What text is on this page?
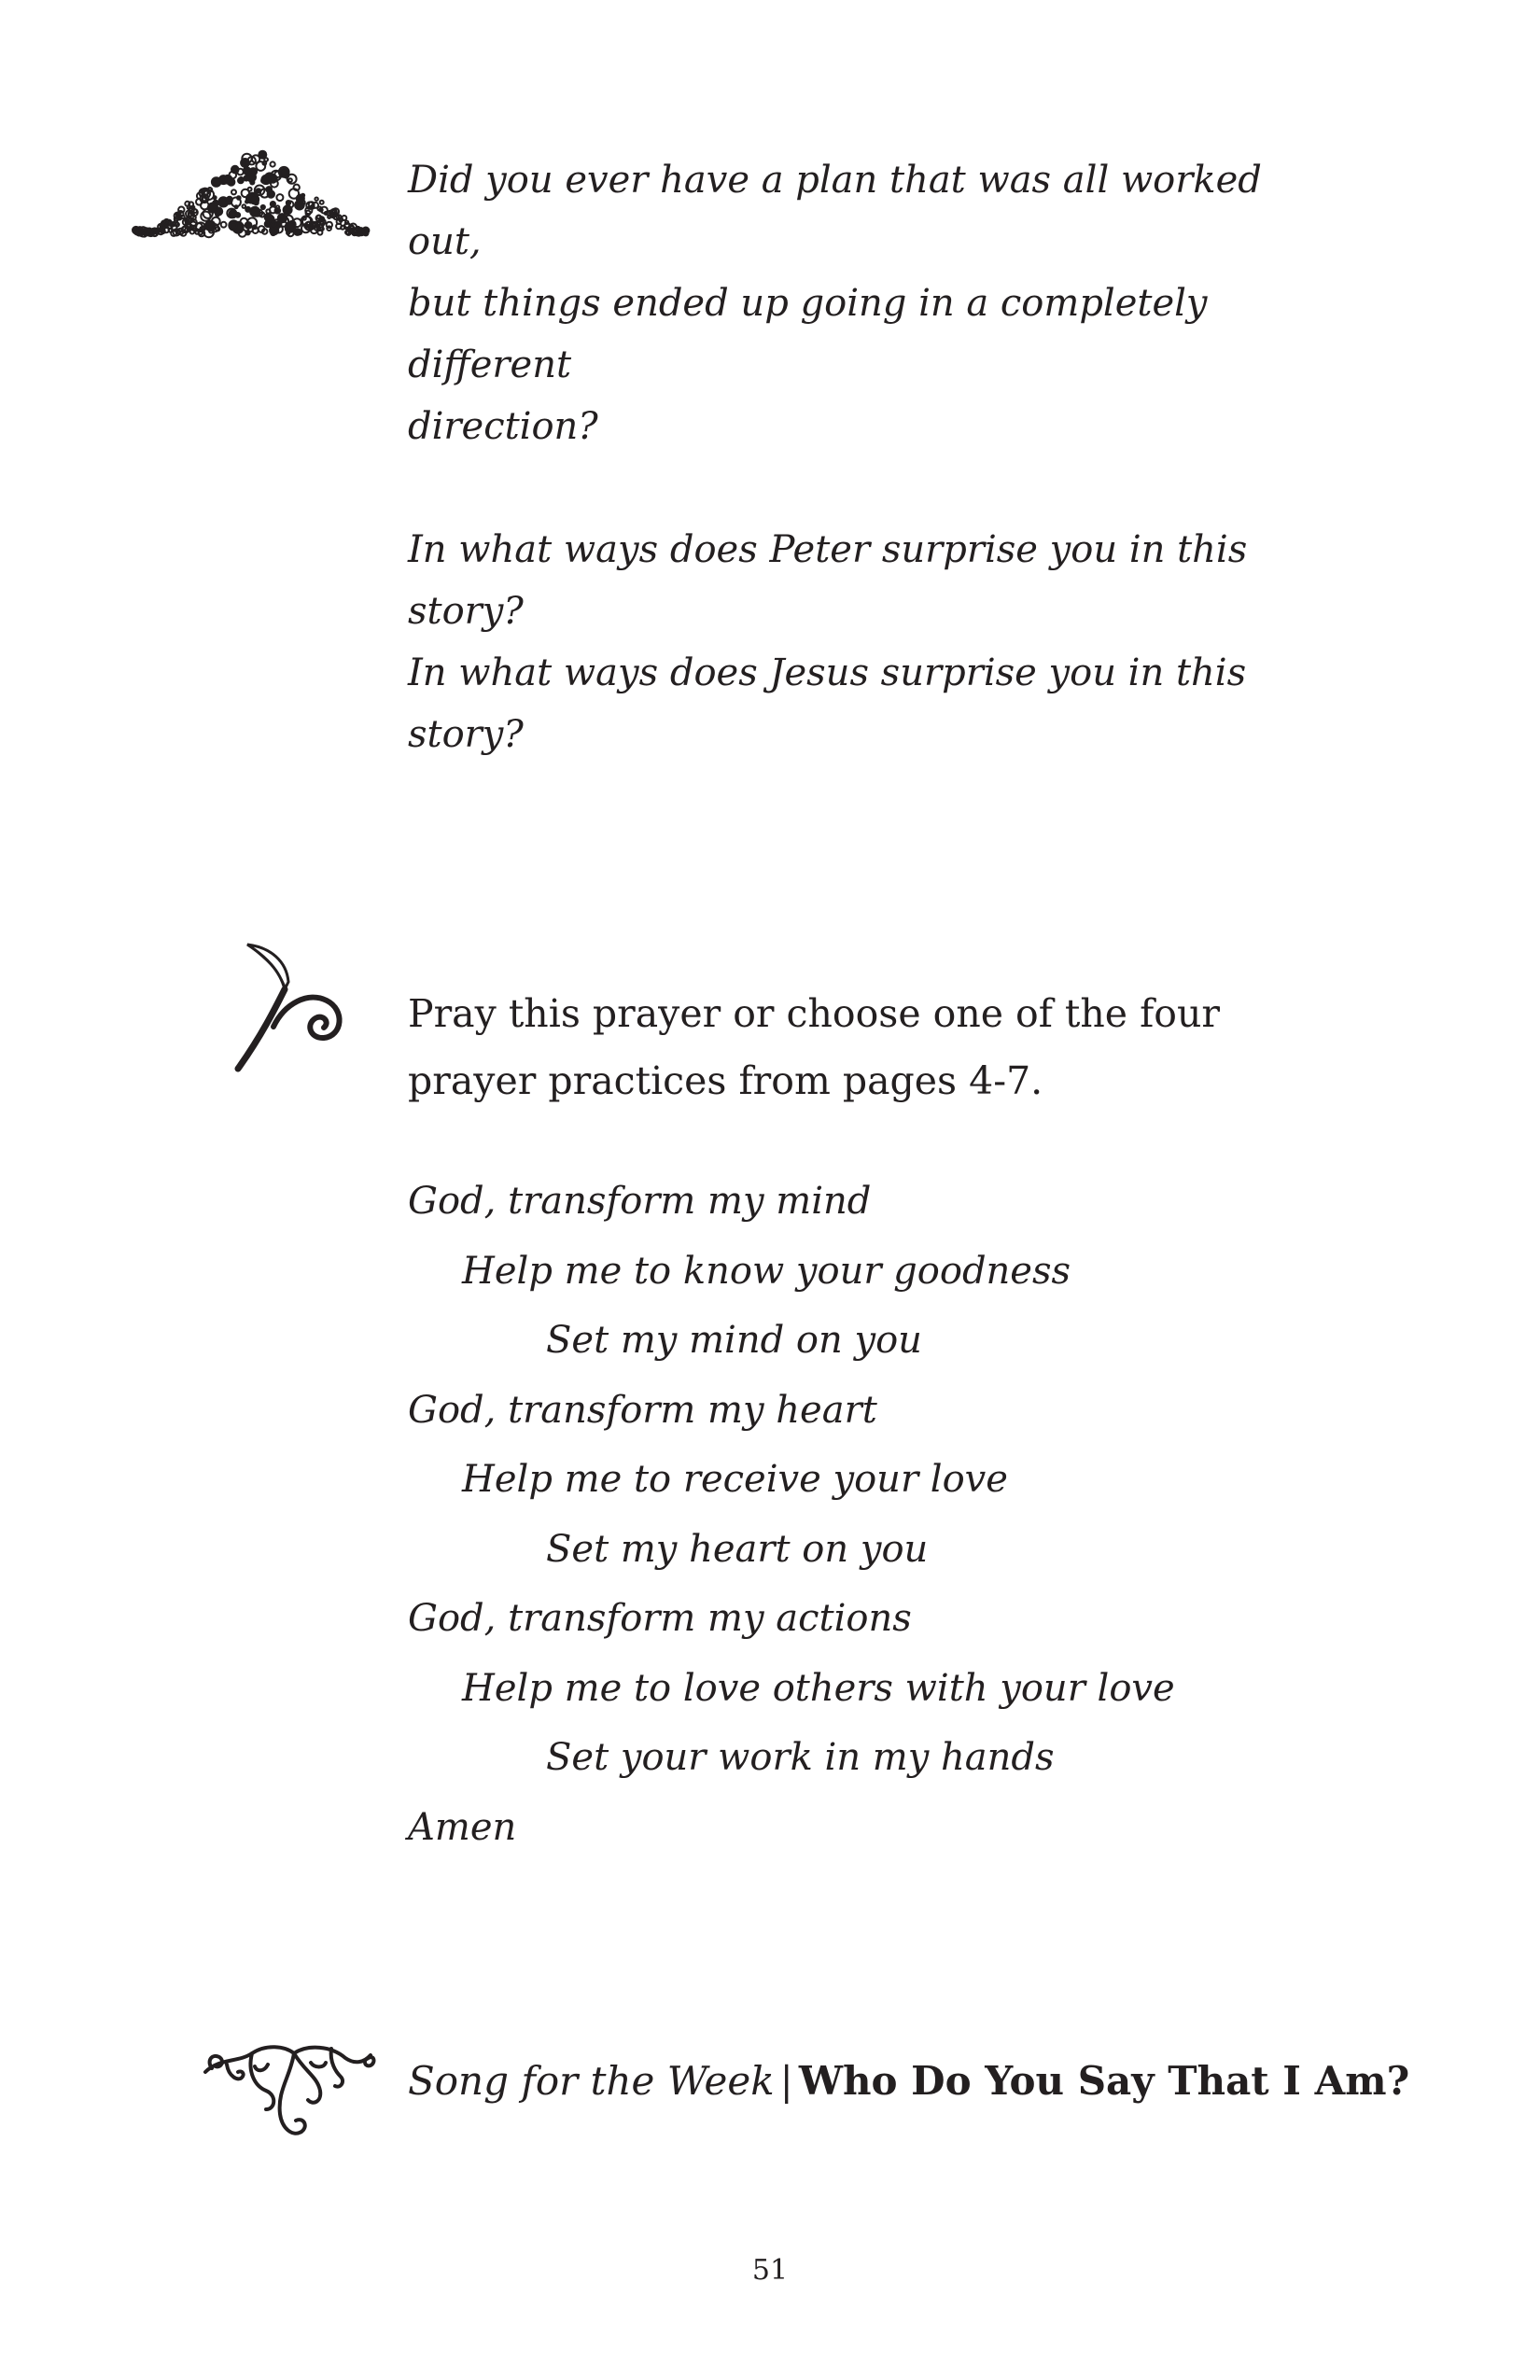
Did you ever have a plan that was all worked out,

but things ended up going in a completely different

direction?

In what ways does Peter surprise you in this story?

In what ways does Jesus surprise you in this story?

Pray this prayer or choose one of the four

prayer practices from pages 4-7.

God, transform my mind
Help me to know your goodness
Set my mind on you
God, transform my heart
Help me to receive your love
Set my heart on you
God, transform my actions
Help me to love others with your love
Set your work in my hands
Amen
Song for the Week | Who Do You Say That I Am?
51
